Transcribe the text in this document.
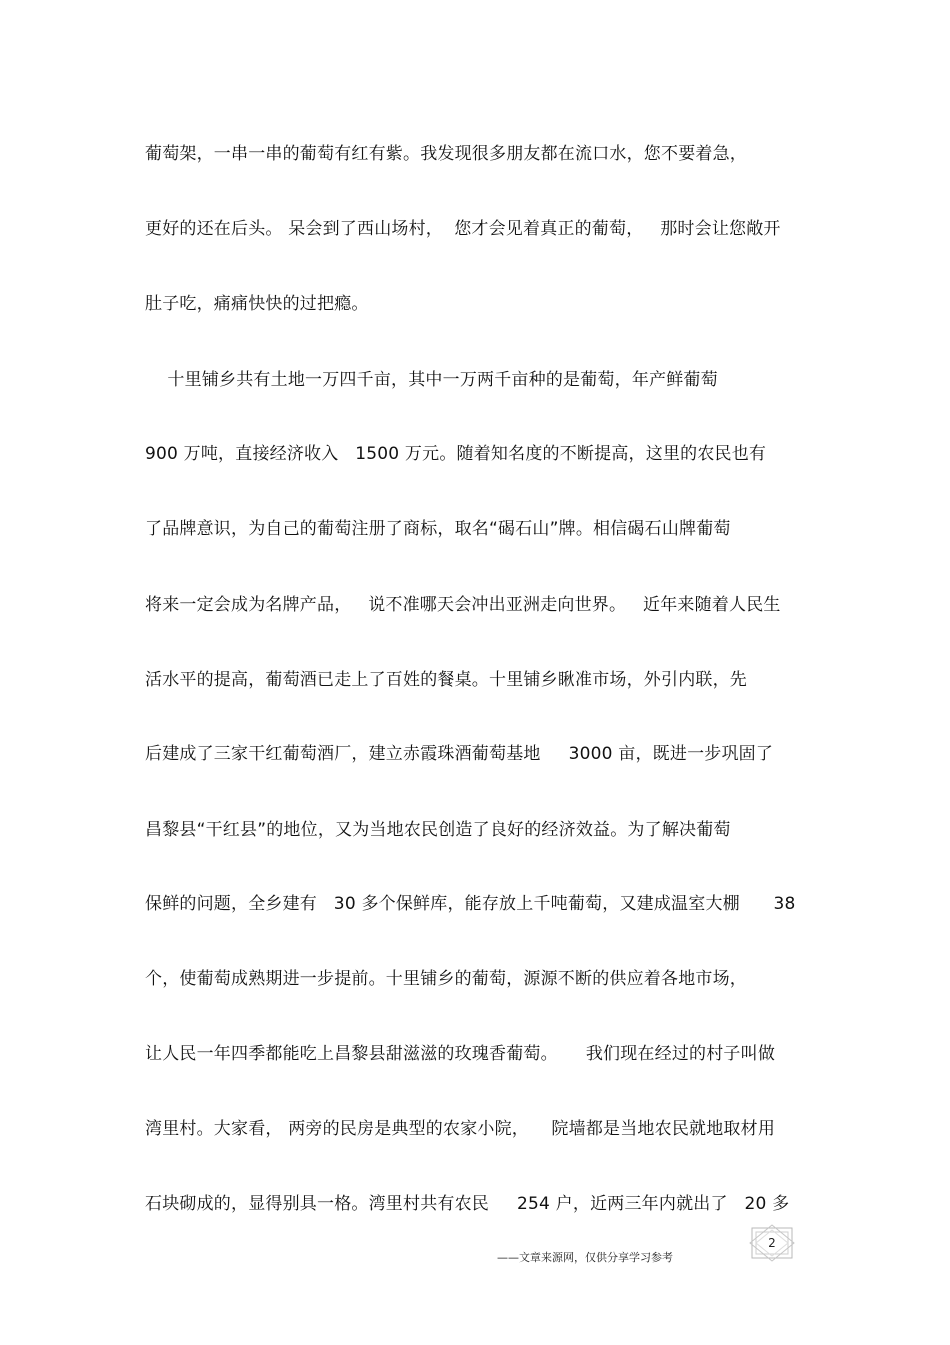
葡萄架，一串一串的葡萄有红有紫。我发现很多朋友都在流口水，您不要着急，
更好的还在后头。 呆会到了西山场村，  您才会见着真正的葡萄，   那时会让您敞开
肚子吃，痛痛快快的过把瘾。
十里铺乡共有土地一万四千亩，其中一万两千亩种的是葡萄，年产鲜葡萄
900 万吨，直接经济收入   1500 万元。随着知名度的不断提高，这里的农民也有
了品牌意识，为自己的葡萄注册了商标，取名“碣石山”牌。相信碣石山牌葡萄
将来一定会成为名牌产品，   说不准哪天会冲出亚洲走向世界。   近年来随着人民生
活水平的提高，葡萄酒已走上了百姓的餐桌。十里铺乡瞅准市场，外引内联，先
后建成了三家干红葡萄酒厂，建立赤霞珠酒葡萄基地     3000 亩，既进一步巩固了
昌黎县“干红县”的地位，又为当地农民创造了良好的经济效益。为了解决葡萄
保鲜的问题，全乡建有   30 多个保鲜库，能存放上千吨葡萄，又建成温室大棚      38
个，使葡萄成熟期进一步提前。十里铺乡的葡萄，源源不断的供应着各地市场，
让人民一年四季都能吃上昌黎县甜滋滋的玫瑰香葡萄。     我们现在经过的村子叫做
湾里村。大家看， 两旁的民房是典型的农家小院，    院墙都是当地农民就地取材用
石块砌成的，显得别具一格。湾里村共有农民     254 户，近两三年内就出了   20 多
2
——文章来源网，仅供分享学习参考
